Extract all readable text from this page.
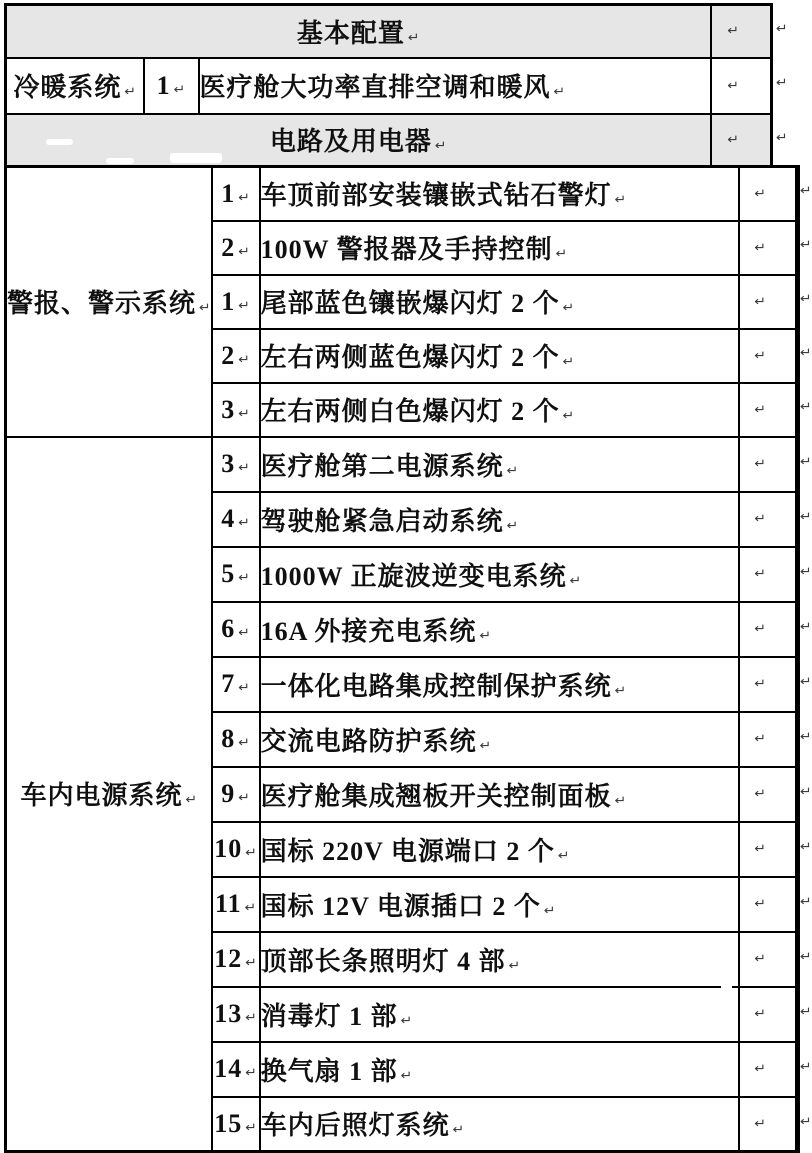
基本配置 ↵			↵
冷暖系统 ↵	1 ↵	医疗舱大功率直排空调和暖风 ↵	↵
电路及用电器 ↵			↵
警报、警示系统 ↵	1 ↵	车顶前部安装镶嵌式钻石警灯 ↵	↵
	2 ↵	100W 警报器及手持控制 ↵	↵
	1 ↵	尾部蓝色镶嵌爆闪灯 2 个 ↵	↵
	2 ↵	左右两侧蓝色爆闪灯 2 个 ↵	↵
	3 ↵	左右两侧白色爆闪灯 2 个 ↵	↵
车内电源系统 ↵	3 ↵	医疗舱第二电源系统 ↵	↵
	4 ↵	驾驶舱紧急启动系统 ↵	↵
	5 ↵	1000W 正旋波逆变电系统 ↵	↵
	6 ↵	16A 外接充电系统 ↵	↵
	7 ↵	一体化电路集成控制保护系统 ↵	↵
	8 ↵	交流电路防护系统 ↵	↵
	9 ↵	医疗舱集成翘板开关控制面板 ↵	↵
	10 ↵	国标 220V 电源端口 2 个 ↵	↵
	11 ↵	国标 12V 电源插口 2 个 ↵	↵
	12 ↵	顶部长条照明灯 4 部 ↵	↵
	13 ↵	消毒灯 1 部 ↵	↵
	14 ↵	换气扇 1 部 ↵	↵
	15 ↵	车内后照灯系统 ↵	↵
↵
↵
↵
↵
↵
↵
↵
↵
↵
↵
↵
↵
↵
↵
↵
↵
↵
↵
↵
↵
↵
